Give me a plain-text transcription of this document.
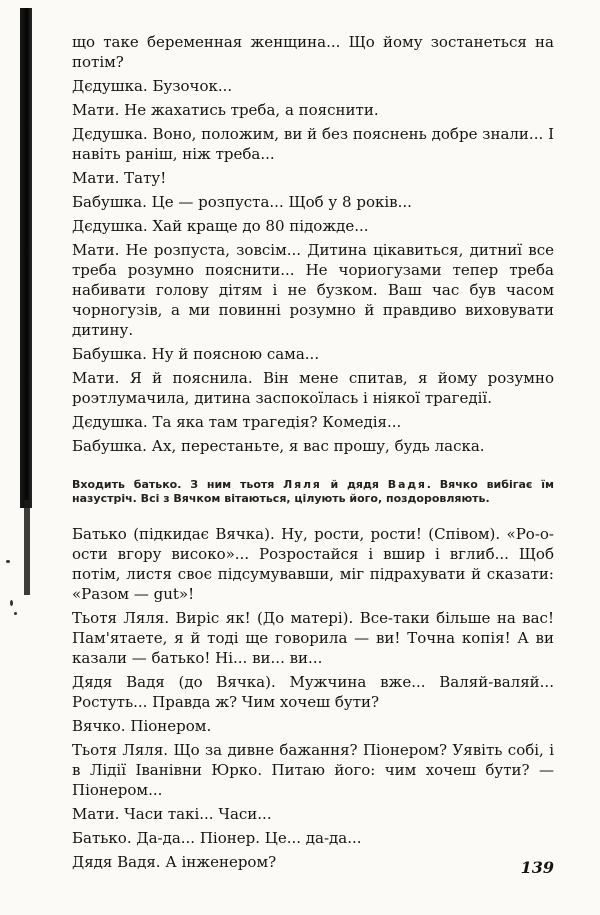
що таке беременная женщина... Що йому зостанеться на потім?

Дєдушка. Бузочок...

Мати. Не жахатись треба, а пояснити.

Дєдушка. Воно, положим, ви й без пояснень добре знали... І навіть раніш, ніж треба...

Мати. Тату!

Бабушка. Це — розпуста... Щоб у 8 років...

Дєдушка. Хай краще до 80 підожде...

Мати. Не розпуста, зовсім... Дитина цікавиться, дитниї все треба розумно пояснити... Не чориогузами тепер треба набивати голову дітям і не бузком. Ваш час був часом чорногузів, а ми повинні розумно й правдиво виховувати дитину.

Бабушка. Ну й поясною сама...

Мати. Я й пояснила. Він мене спитав, я йому розумно роэтлумачила, дитина заспокоїлась і ніякої трагедії.

Дєдушка. Та яка там трагедія? Комедія...

Бабушка. Ах, перестаньте, я вас прошу, будь ласка.

Входить батько. З ним тьотя Ляля й дядя Вадя. Вячко вибігає їм назустріч. Всі з Вячком вітаються, цілують його, поздоровляють.

Батько (підкидає Вячка). Ну, рости, рости! (Співом). «Ро-о-ости вгору високо»... Розростайся і вшир і вглиб... Щоб потім, листя своє підсумувавши, міг підрахувати й сказати: «Разом — gut»!

Тьотя Ляля. Виріс як! (До матері). Все-таки більше на вас! Пам'ятаете, я й тоді ще говорила — ви! Точна копія! А ви казали — батько! Ні... ви... ви...

Дядя Вадя (до Вячка). Мужчина вже... Валяй-валяй... Ростуть... Правда ж? Чим хочеш бути?

Вячко. Піонером.

Тьотя Ляля. Що за дивне бажання? Піонером? Уявіть собі, і в Лідії Іванівни Юрко. Питаю його: чим хочеш бути? — Піонером...

Мати. Часи такі... Часи...

Батько. Да-да... Піонер. Це... да-да...

Дядя Вадя. А інженером?	139
